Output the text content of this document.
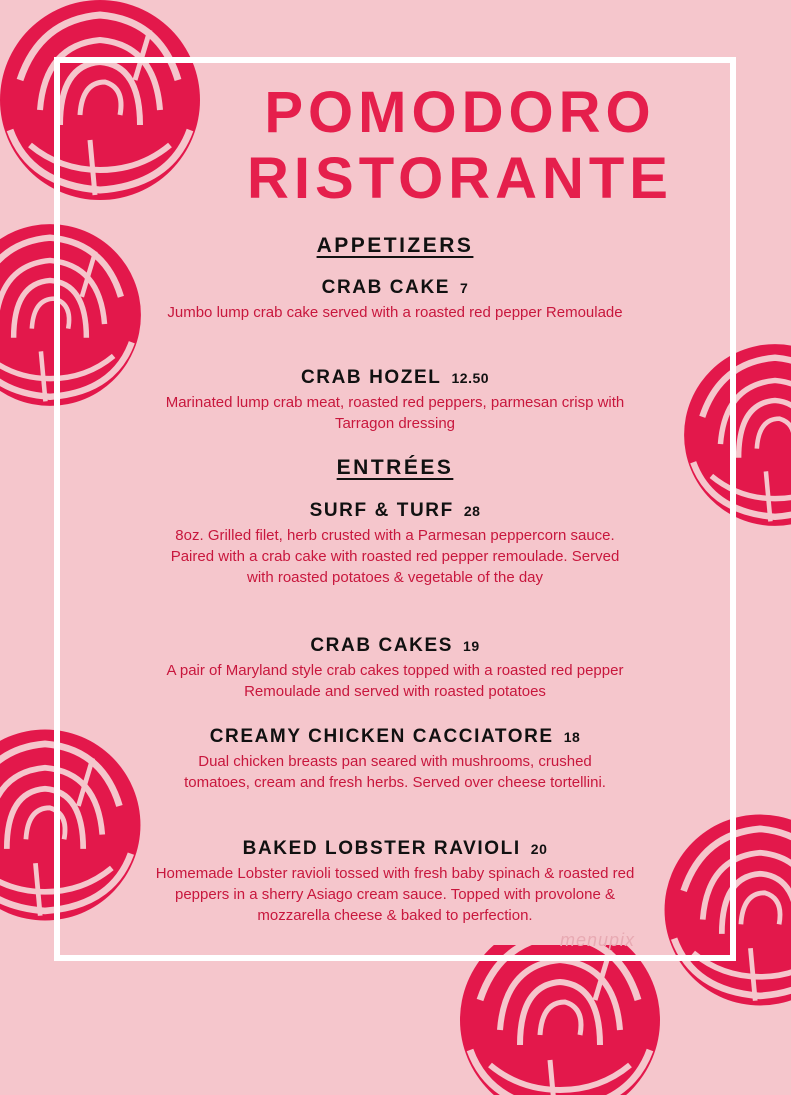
POMODORO
RISTORANTE
APPETIZERS
CRAB CAKE 7
Jumbo lump crab cake served with a roasted red pepper Remoulade
CRAB HOZEL 12.50
Marinated lump crab meat, roasted red peppers, parmesan crisp with Tarragon dressing
ENTRÉES
SURF & TURF 28
8oz. Grilled filet, herb crusted with a Parmesan peppercorn sauce. Paired with a crab cake with roasted red pepper remoulade. Served with roasted potatoes & vegetable of the day
CRAB CAKES 19
A pair of Maryland style crab cakes topped with a roasted red pepper Remoulade and served with roasted potatoes
CREAMY CHICKEN CACCIATORE 18
Dual chicken breasts pan seared with mushrooms, crushed tomatoes, cream and fresh herbs. Served over cheese tortellini.
BAKED LOBSTER RAVIOLI 20
Homemade Lobster ravioli tossed with fresh baby spinach & roasted red peppers in a sherry Asiago cream sauce. Topped with provolone & mozzarella cheese & baked to perfection.
menupix
